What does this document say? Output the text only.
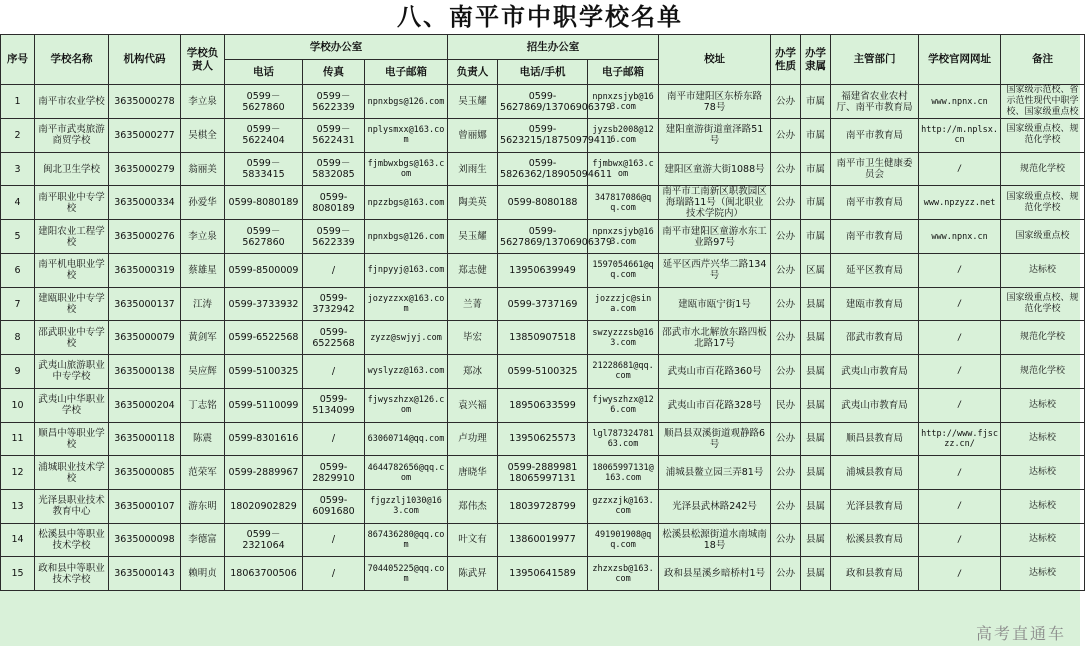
八、南平市中职学校名单
序号	学校名称	机构代码	学校负责人	学校办公室			招生办公室			校址	办学性质	办学隶属	主管部门	学校官网网址	备注
				电话	传真	电子邮箱	负责人	电话/手机	电子邮箱						
1	南平市农业学校	3635000278	李立泉	0599－5627860	0599－5622339	npnxbgs@126.com	吴玉耀	0599-5627869/13706906379	npnxzsjyb@163.com	南平市建阳区东桥东路78号	公办	市属	福建省农业农村厅、南平市教育局	www.npnx.cn	国家级示范校、省示范性现代中职学校、国家级重点校
2	南平市武夷旅游商贸学校	3635000277	吴棋全	0599－5622404	0599－5622431	nplysmxx@163.com	曾丽娜	0599-5623215/18750979411	jyzsb2008@126.com	建阳童游街道童泽路51号	公办	市属	南平市教育局	http://m.nplsx.cn	国家级重点校、规范化学校
3	闽北卫生学校	3635000279	翁丽美	0599－5833415	0599－5832085	fjmbwxbgs@163.com	刘雨生	0599-5826362/18905094611	fjmbwx@163.com	建阳区童游大街1088号	公办	市属	南平市卫生健康委员会	/	规范化学校
4	南平职业中专学校	3635000334	孙爱华	0599-8080189	0599-8080189	npzzbgs@163.com	陶美英	0599-8080188	347817086@qq.com	南平市工南新区职教园区海瑞路11号（闽北职业技术学院内）	公办	市属	南平市教育局	www.npzyzz.net	国家级重点校、规范化学校
5	建阳农业工程学校	3635000276	李立泉	0599－5627860	0599－5622339	npnxbgs@126.com	吴玉耀	0599-5627869/13706906379	npnxzsjyb@163.com	南平市建阳区童游水东工业路97号	公办	市属	南平市教育局	www.npnx.cn	国家级重点校
6	南平机电职业学校	3635000319	蔡雄星	0599-8500009	/	fjnpyyj@163.com	郑志健	13950639949	1597054661@qq.com	延平区西芹兴华二路134号	公办	区属	延平区教育局	/	达标校
7	建瓯职业中专学校	3635000137	江涛	0599-3733932	0599-3732942	jozyzzxx@163.com	兰菁	0599-3737169	jozzzjc@sina.com	建瓯市瓯宁街1号	公办	县属	建瓯市教育局	/	国家级重点校、规范化学校
8	邵武职业中专学校	3635000079	黄剑军	0599-6522568	0599-6522568	zyzz@swjyj.com	毕宏	13850907518	swzyzzzsb@163.com	邵武市水北解放东路四板北路17号	公办	县属	邵武市教育局	/	规范化学校
9	武夷山旅游职业中专学校	3635000138	吴应辉	0599-5100325	/	wyslyzz@163.com	郑冰	0599-5100325	21228681@qq.com	武夷山市百花路360号	公办	县属	武夷山市教育局	/	规范化学校
10	武夷山中华职业学校	3635000204	丁志铭	0599-5110099	0599-5134099	fjwyszhzx@126.com	袁兴福	18950633599	fjwyszhzx@126.com	武夷山市百花路328号	民办	县属	武夷山市教育局	/	达标校
11	顺昌中等职业学校	3635000118	陈震	0599-8301616	/	63060714@qq.com	卢功理	13950625573	lgl78732478163.com	顺昌县双溪街道观静路6号	公办	县属	顺昌县教育局	http://www.fjsczz.cn/	达标校
12	浦城职业技术学校	3635000085	范荣军	0599-2889967	0599-2829910	4644782656@qq.com	唐晓华	0599-2889981 18065997131	18065997131@163.com	浦城县鳌立园三弄81号	公办	县属	浦城县教育局	/	达标校
13	光泽县职业技术教育中心	3635000107	游东明	18020902829	0599-6091680	fjgzzlj1030@163.com	郑伟杰	18039728799	gzzxzjk@163.com	光泽县武林路242号	公办	县属	光泽县教育局	/	达标校
14	松溪县中等职业技术学校	3635000098	李德富	0599－2321064	/	867436280@qq.com	叶文有	13860019977	491901908@qq.com	松溪县松源街道水南城南18号	公办	县属	松溪县教育局	/	达标校
15	政和县中等职业技术学校	3635000143	赖明贞	18063700506	/	704405225@qq.com	陈武昇	13950641589	zhzxzsb@163.com	政和县星溪乡暗桥村1号	公办	县属	政和县教育局	/	达标校
高考直通车
